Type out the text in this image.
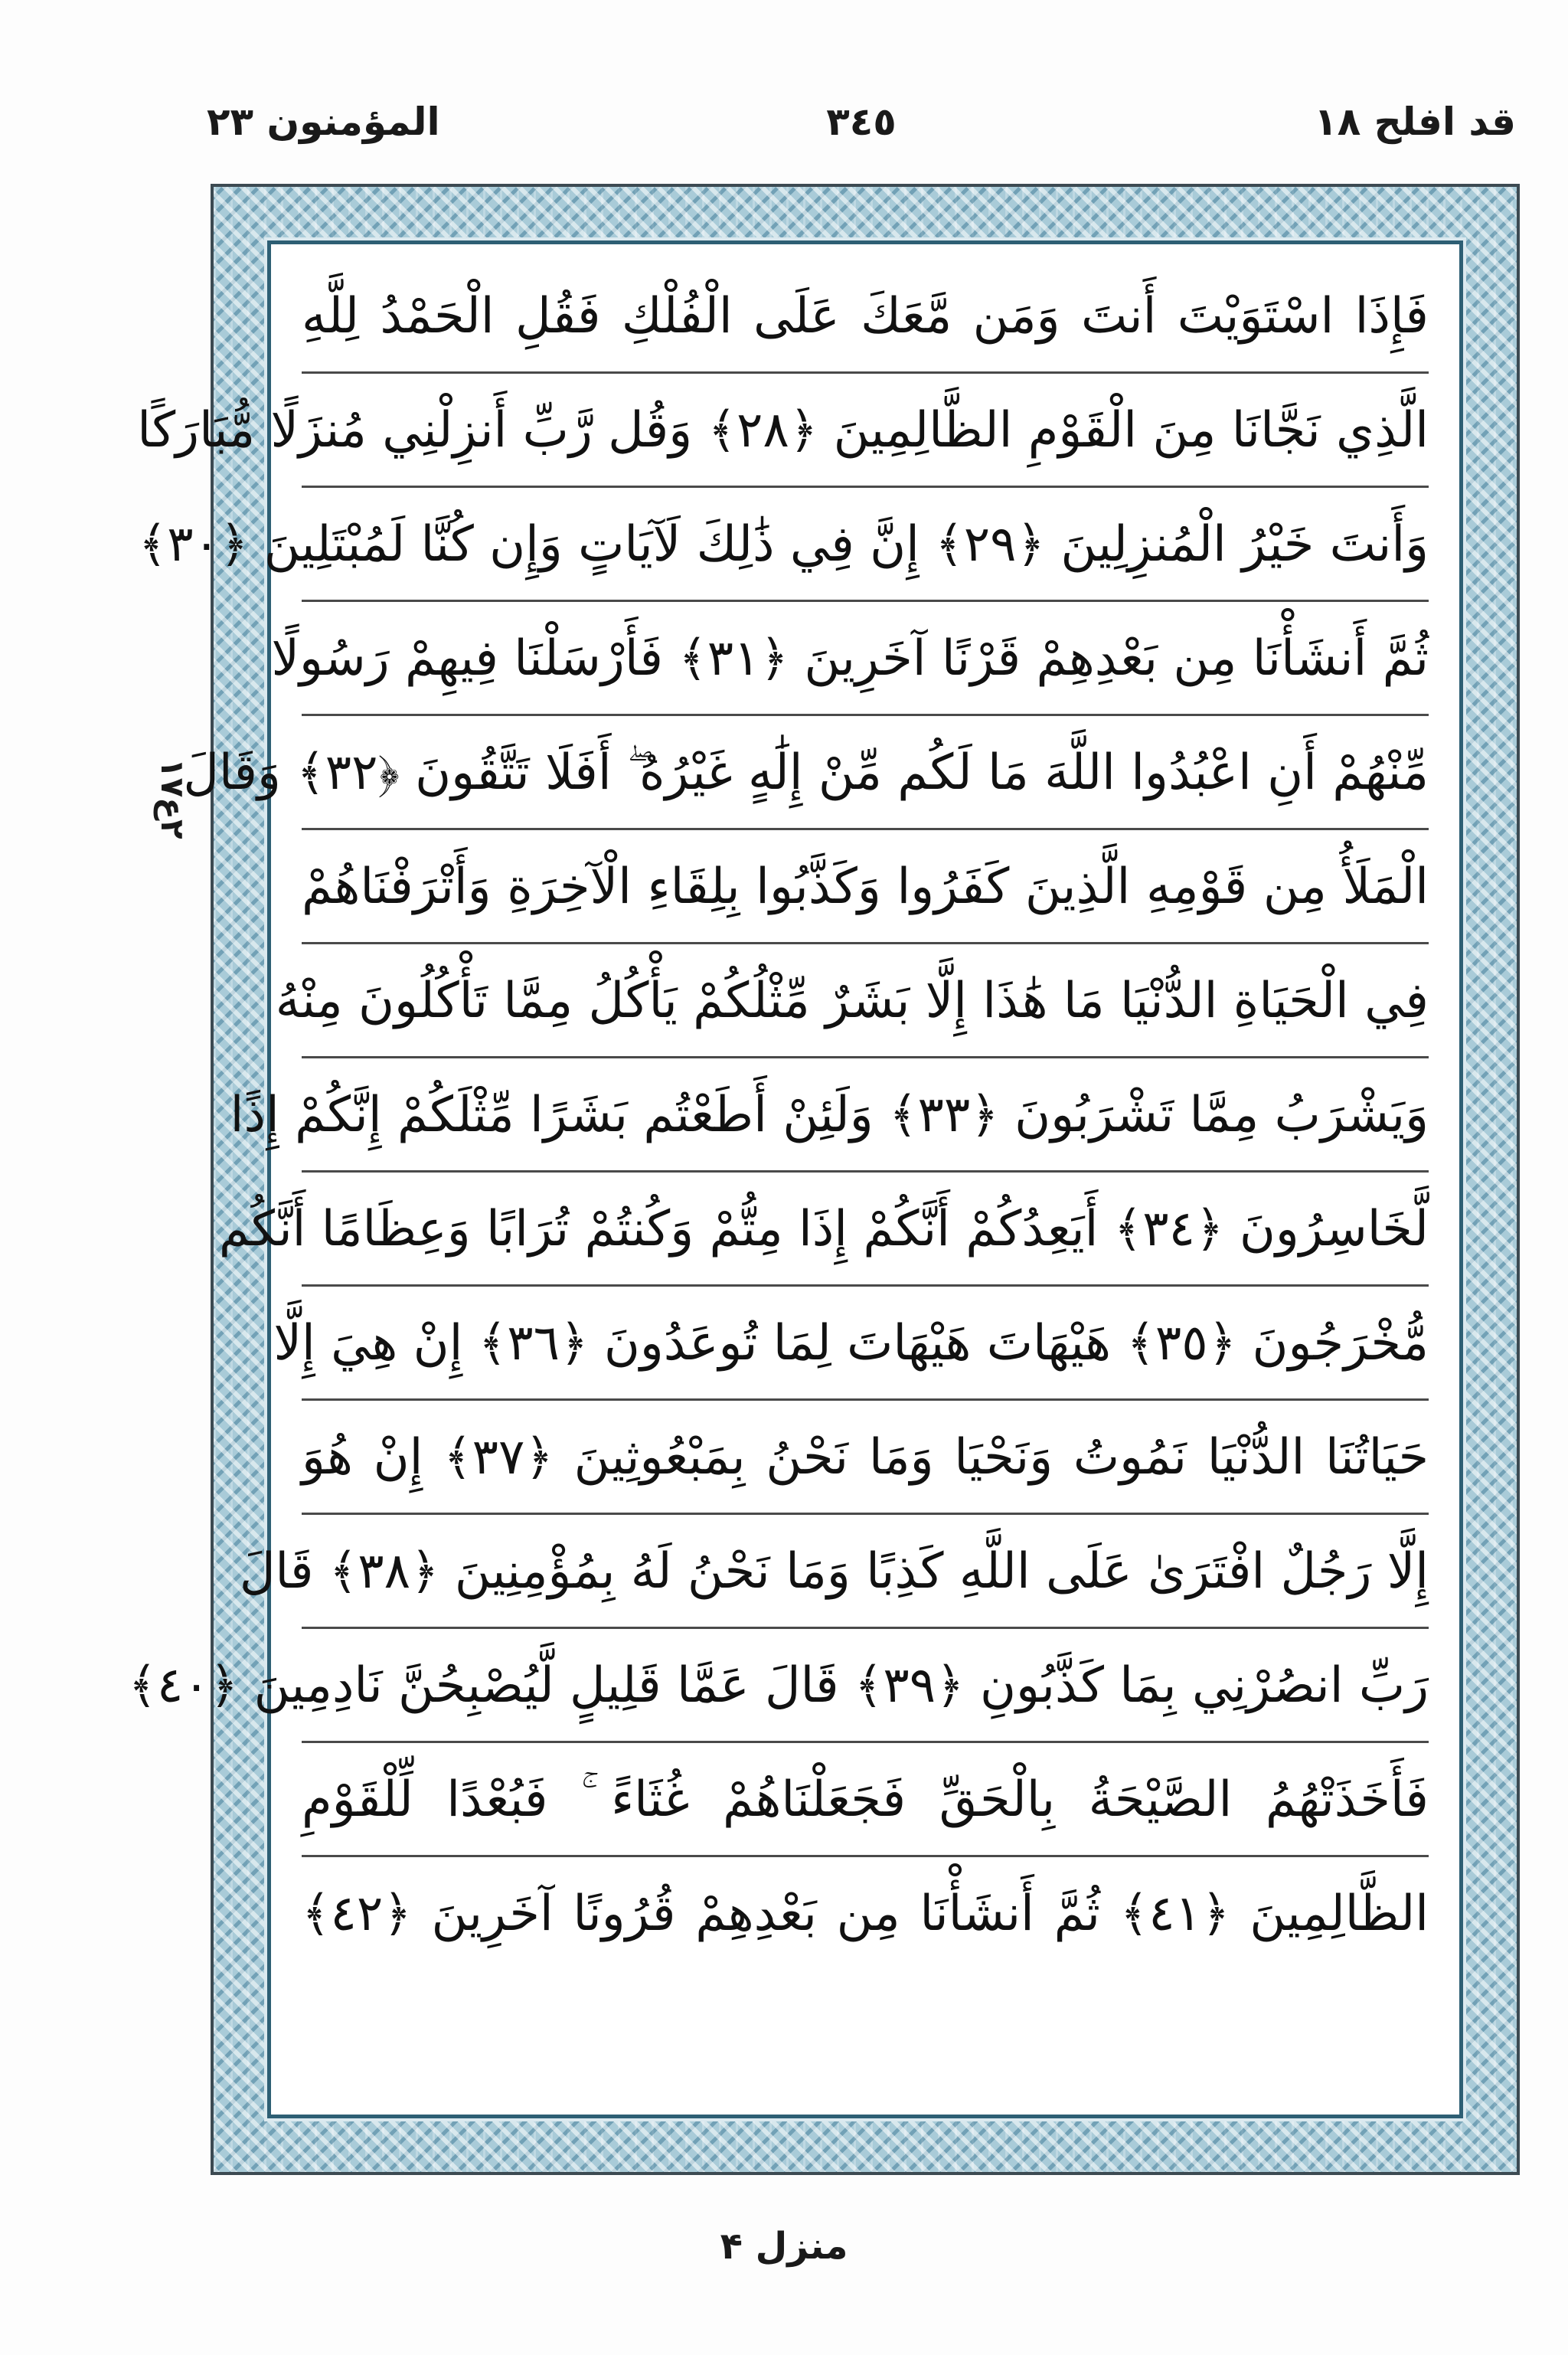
قد افلح ١٨
٣٤٥
المؤمنون ٢٣
٢ع١٧
فَإِذَا اسْتَوَيْتَ أَنتَ وَمَن مَّعَكَ عَلَى الْفُلْكِ فَقُلِ الْحَمْدُ لِلَّهِ
الَّذِي نَجَّانَا مِنَ الْقَوْمِ الظَّالِمِينَ ﴿٢٨﴾ وَقُل رَّبِّ أَنزِلْنِي مُنزَلًا مُّبَارَكًا
وَأَنتَ خَيْرُ الْمُنزِلِينَ ﴿٢٩﴾ إِنَّ فِي ذَٰلِكَ لَآيَاتٍ وَإِن كُنَّا لَمُبْتَلِينَ ﴿٣٠﴾
ثُمَّ أَنشَأْنَا مِن بَعْدِهِمْ قَرْنًا آخَرِينَ ﴿٣١﴾ فَأَرْسَلْنَا فِيهِمْ رَسُولًا
مِّنْهُمْ أَنِ اعْبُدُوا اللَّهَ مَا لَكُم مِّنْ إِلَٰهٍ غَيْرُهُ ۖ أَفَلَا تَتَّقُونَ ﴿٣٢﴾ وَقَالَ
الْمَلَأُ مِن قَوْمِهِ الَّذِينَ كَفَرُوا وَكَذَّبُوا بِلِقَاءِ الْآخِرَةِ وَأَتْرَفْنَاهُمْ
فِي الْحَيَاةِ الدُّنْيَا مَا هَٰذَا إِلَّا بَشَرٌ مِّثْلُكُمْ يَأْكُلُ مِمَّا تَأْكُلُونَ مِنْهُ
وَيَشْرَبُ مِمَّا تَشْرَبُونَ ﴿٣٣﴾ وَلَئِنْ أَطَعْتُم بَشَرًا مِّثْلَكُمْ إِنَّكُمْ إِذًا
لَّخَاسِرُونَ ﴿٣٤﴾ أَيَعِدُكُمْ أَنَّكُمْ إِذَا مِتُّمْ وَكُنتُمْ تُرَابًا وَعِظَامًا أَنَّكُم
مُّخْرَجُونَ ﴿٣٥﴾ هَيْهَاتَ هَيْهَاتَ لِمَا تُوعَدُونَ ﴿٣٦﴾ إِنْ هِيَ إِلَّا
حَيَاتُنَا الدُّنْيَا نَمُوتُ وَنَحْيَا وَمَا نَحْنُ بِمَبْعُوثِينَ ﴿٣٧﴾ إِنْ هُوَ
إِلَّا رَجُلٌ افْتَرَىٰ عَلَى اللَّهِ كَذِبًا وَمَا نَحْنُ لَهُ بِمُؤْمِنِينَ ﴿٣٨﴾ قَالَ
رَبِّ انصُرْنِي بِمَا كَذَّبُونِ ﴿٣٩﴾ قَالَ عَمَّا قَلِيلٍ لَّيُصْبِحُنَّ نَادِمِينَ ﴿٤٠﴾
فَأَخَذَتْهُمُ الصَّيْحَةُ بِالْحَقِّ فَجَعَلْنَاهُمْ غُثَاءً ۚ فَبُعْدًا لِّلْقَوْمِ
الظَّالِمِينَ ﴿٤١﴾ ثُمَّ أَنشَأْنَا مِن بَعْدِهِمْ قُرُونًا آخَرِينَ ﴿٤٢﴾
منزل ۴
